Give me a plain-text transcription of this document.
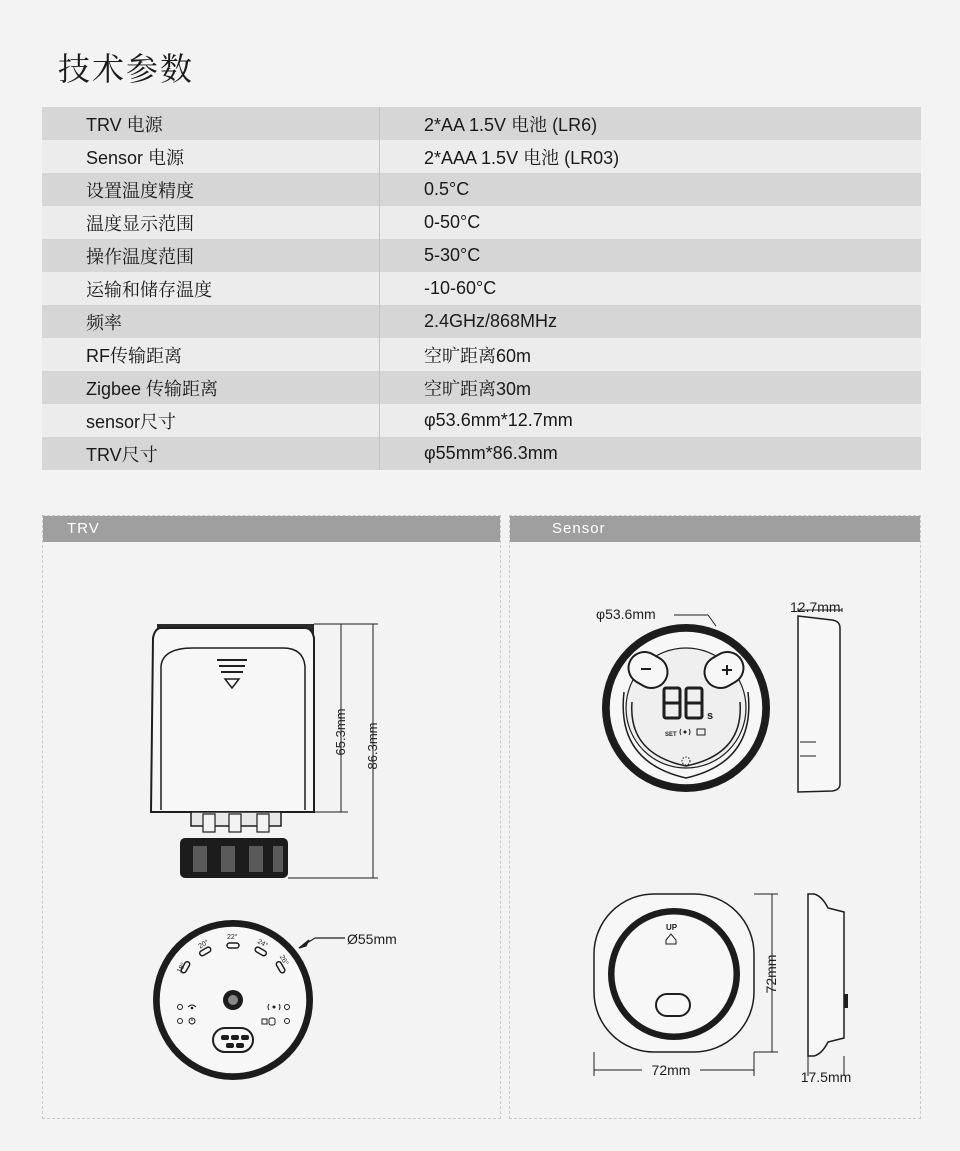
技术参数
TRV 电源	2*AA 1.5V 电池 (LR6)
Sensor 电源	2*AAA 1.5V 电池 (LR03)
设置温度精度	0.5°C
温度显示范围	0-50°C
操作温度范围	5-30°C
运输和储存温度	-10-60°C
频率	2.4GHz/868MHz
RF传输距离	空旷距离60m
Zigbee 传输距离	空旷距离30m
sensor尺寸	φ53.6mm*12.7mm
TRV尺寸	φ55mm*86.3mm
TRV
65.3mm 86.3mm
18°
20°
22°
24°
26°
Ø55mm
Sensor
s
SET
φ53.6mm	12.7mm
UP
72mm
72mm	17.5mm
